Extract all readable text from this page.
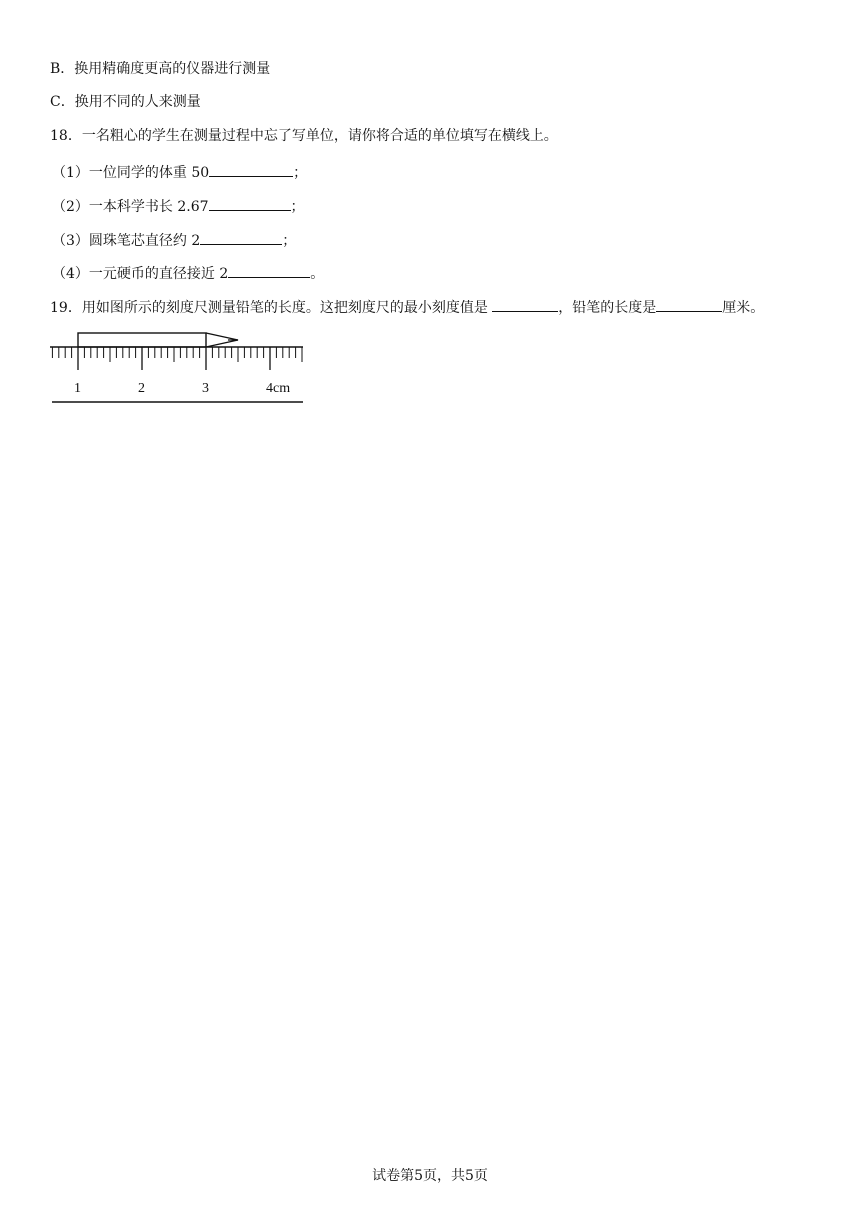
B．换用精确度更高的仪器进行测量
C．换用不同的人来测量
18．一名粗心的学生在测量过程中忘了写单位，请你将合适的单位填写在横线上。
（1）一位同学的体重 50	；
（2）一本科学书长 2.67	；
（3）圆珠笔芯直径约 2	；
（4）一元硬币的直径接近 2	。
19．用如图所示的刻度尺测量铅笔的长度。这把刻度尺的最小刻度值是	，铅笔的长度是	厘米。
1	2	3	4cm
试卷第5页，共5页
